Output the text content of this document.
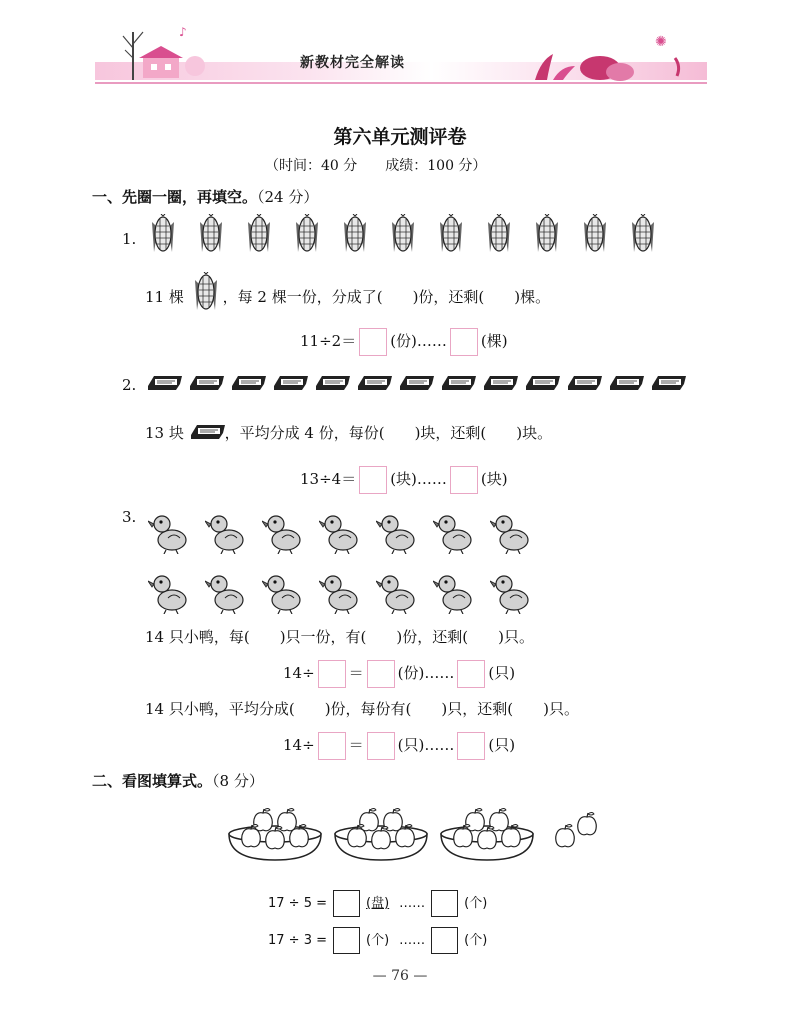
♪
✺
新教材完全解读
第六单元测评卷
（时间：40 分　　成绩：100 分）
一、先圈一圈，再填空。（24 分）
1.
11 棵	，每 2 棵一份，分成了(　　)份，还剩(　　)棵。
11÷2＝ (份)…… (棵)
2.
13 块	，平均分成 4 份，每份(　　)块，还剩(　　)块。
13÷4＝ (块)…… (块)
3.
14 只小鸭，每(　　)只一份，有(　　)份，还剩(　　)只。
14÷ ＝ (份)…… (只)
14 只小鸭，平均分成(　　)份，每份有(　　)只，还剩(　　)只。
14÷ ＝ (只)…… (只)
二、看图填算式。（8 分）
17 ÷ 5 =	(盘) ……	(个)
17 ÷ 3 =	(个) ……	(个)
— 76 —
